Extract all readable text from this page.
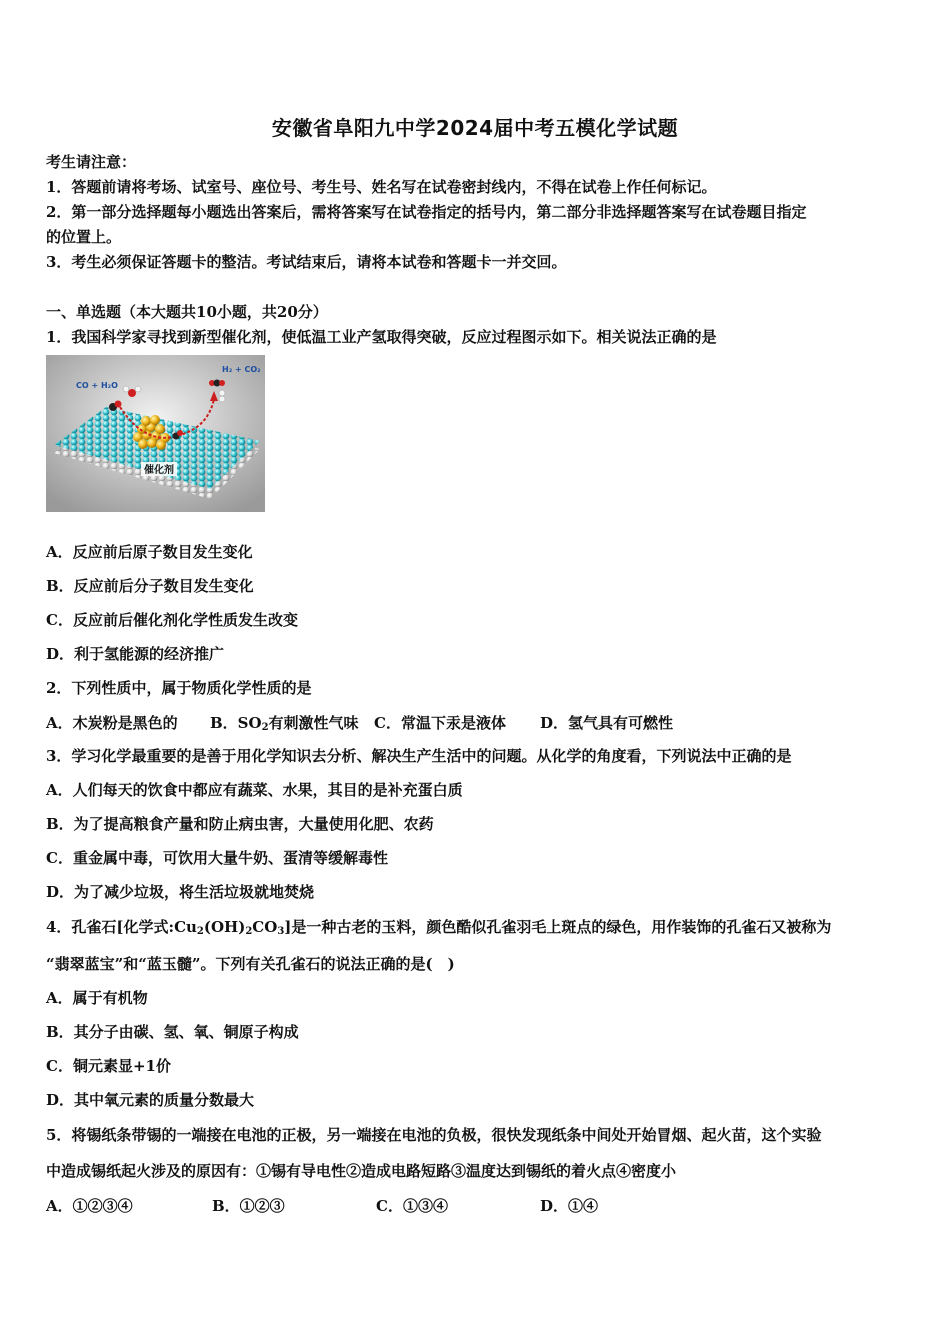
安徽省阜阳九中学2024届中考五模化学试题
考生请注意：
1．答题前请将考场、试室号、座位号、考生号、姓名写在试卷密封线内，不得在试卷上作任何标记。
2．第一部分选择题每小题选出答案后，需将答案写在试卷指定的括号内，第二部分非选择题答案写在试卷题目指定
的位置上。
3．考生必须保证答题卡的整洁。考试结束后，请将本试卷和答题卡一并交回。
一、单选题（本大题共10小题，共20分）
1．我国科学家寻找到新型催化剂，使低温工业产氢取得突破，反应过程图示如下。相关说法正确的是
CO + H₂O
H₂ + CO₂
催化剂
A．反应前后原子数目发生变化
B．反应前后分子数目发生变化
C．反应前后催化剂化学性质发生改变
D．利于氢能源的经济推广
2．下列性质中，属于物质化学性质的是
A．木炭粉是黑色的 B．$SO_2$有刺激性气味 C．常温下汞是液体 D．氢气具有可燃性
3．学习化学最重要的是善于用化学知识去分析、解决生产生活中的问题。从化学的角度看，下列说法中正确的是
A．人们每天的饮食中都应有蔬菜、水果，其目的是补充蛋白质
B．为了提高粮食产量和防止病虫害，大量使用化肥、农药
C．重金属中毒，可饮用大量牛奶、蛋清等缓解毒性
D．为了减少垃圾，将生活垃圾就地焚烧
4．孔雀石[化学式$:Cu_2(OH)_2CO_3$]是一种古老的玉料，颜色酷似孔雀羽毛上斑点的绿色，用作装饰的孔雀石又被称为
“翡翠蓝宝”和“蓝玉髓”。下列有关孔雀石的说法正确的是(　)
A．属于有机物
B．其分子由碳、氢、氧、铜原子构成
C．铜元素显+1价
D．其中氧元素的质量分数最大
5．将锡纸条带锡的一端接在电池的正极，另一端接在电池的负极，很快发现纸条中间处开始冒烟、起火苗，这个实验
中造成锡纸起火涉及的原因有：①锡有导电性②造成电路短路③温度达到锡纸的着火点④密度小
A．①②③④	B．①②③	C．①③④	D．①④
